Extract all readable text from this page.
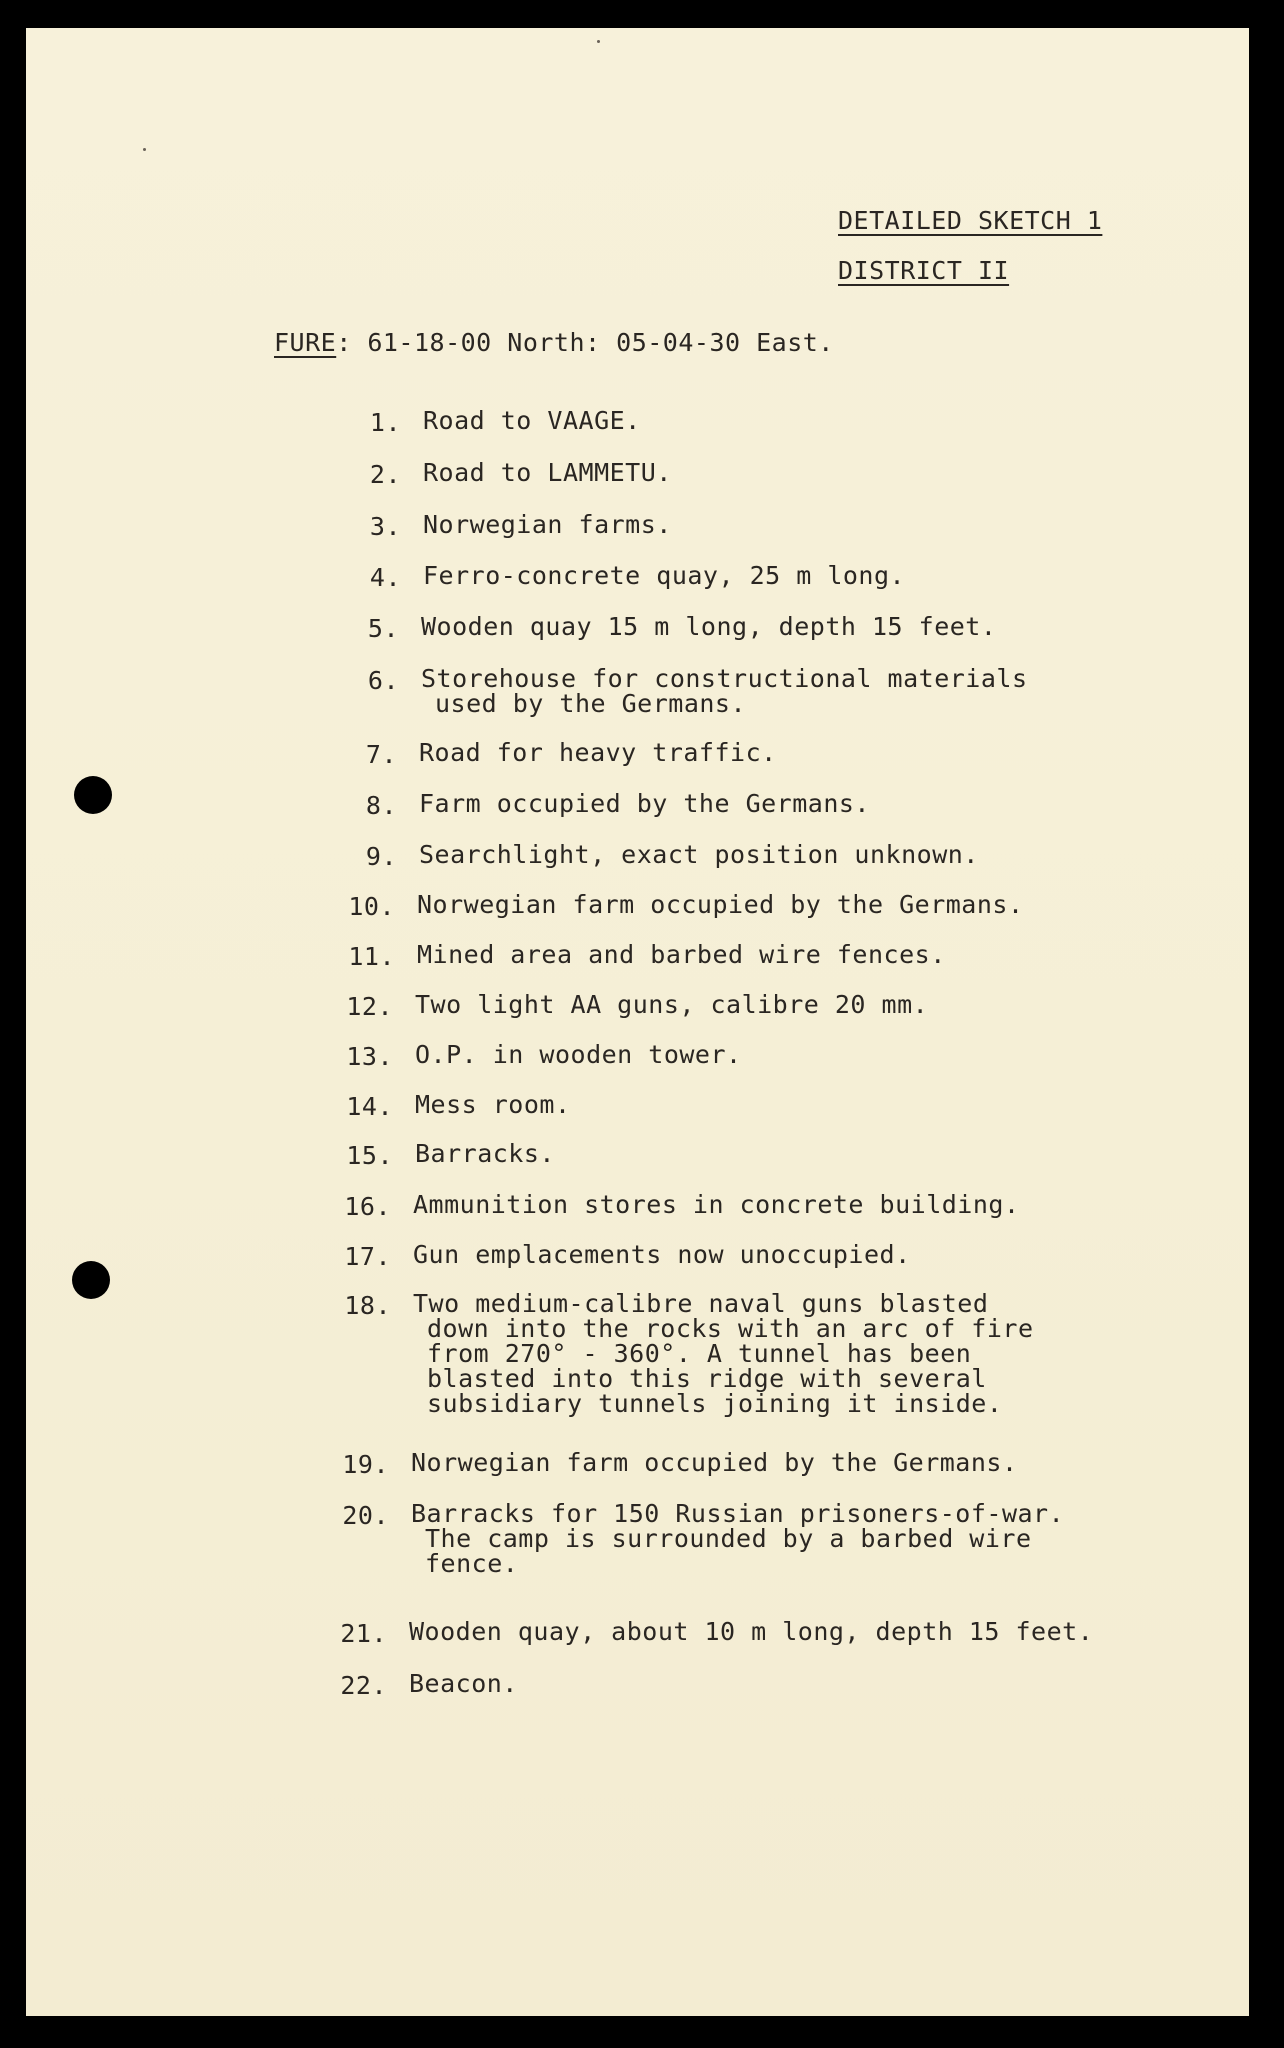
DETAILED SKETCH 1
DISTRICT II
FURE: 61-18-00 North: 05-04-30 East.
1. Road to VAAGE.
2. Road to LAMMETU.
3. Norwegian farms.
4. Ferro-concrete quay, 25 m long.
5. Wooden quay 15 m long, depth 15 feet.
6. Storehouse for constructional materials
used by the Germans.
7. Road for heavy traffic.
8. Farm occupied by the Germans.
9. Searchlight, exact position unknown.
10. Norwegian farm occupied by the Germans.
11. Mined area and barbed wire fences.
12. Two light AA guns, calibre 20 mm.
13. O.P. in wooden tower.
14. Mess room.
15. Barracks.
16. Ammunition stores in concrete building.
17. Gun emplacements now unoccupied.
18. Two medium-calibre naval guns blasted
down into the rocks with an arc of fire
from 270° - 360°. A tunnel has been
blasted into this ridge with several
subsidiary tunnels joining it inside.
19. Norwegian farm occupied by the Germans.
20. Barracks for 150 Russian prisoners-of-war.
The camp is surrounded by a barbed wire
fence.
21. Wooden quay, about 10 m long, depth 15 feet.
22. Beacon.
